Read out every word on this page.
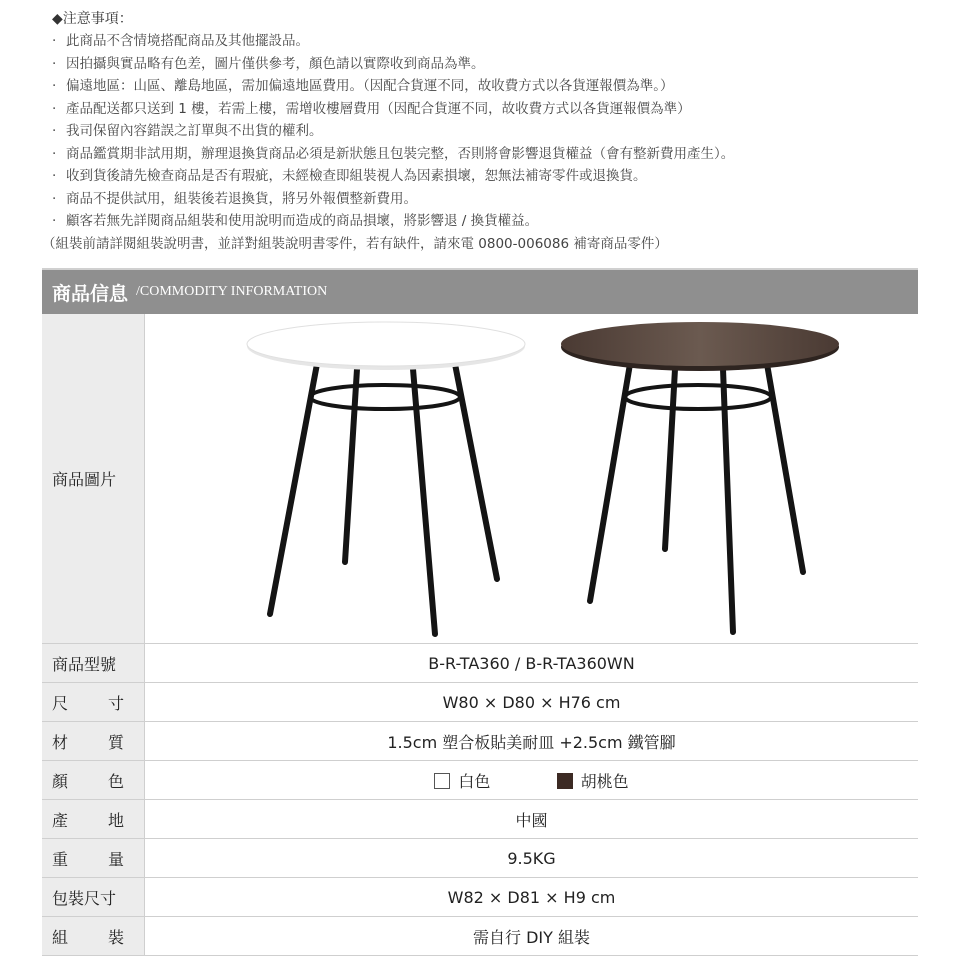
◆注意事項：
· 此商品不含情境搭配商品及其他擺設品。
· 因拍攝與實品略有色差，圖片僅供參考，顏色請以實際收到商品為準。
· 偏遠地區：山區、離島地區，需加偏遠地區費用。（因配合貨運不同，故收費方式以各貨運報價為準。）
· 產品配送都只送到 1 樓，若需上樓，需增收樓層費用（因配合貨運不同，故收費方式以各貨運報價為準）
· 我司保留內容錯誤之訂單與不出貨的權利。
· 商品鑑賞期非試用期，辦理退換貨商品必須是新狀態且包裝完整，否則將會影響退貨權益（會有整新費用產生）。
· 收到貨後請先檢查商品是否有瑕疵，未經檢查即組裝視人為因素損壞，恕無法補寄零件或退換貨。
· 商品不提供試用，組裝後若退換貨，將另外報價整新費用。
· 顧客若無先詳閱商品組裝和使用說明而造成的商品損壞，將影響退 / 換貨權益。
（組裝前請詳閱組裝說明書，並詳對組裝說明書零件，若有缺件，請來電 0800-006086 補寄商品零件）
商品信息 /COMMODITY INFORMATION
商品圖片	
商品型號	B-R-TA360 / B-R-TA360WN

尺 寸	W80 × D80 × H76 cm

材 質	1.5cm 塑合板貼美耐皿 +2.5cm 鐵管腳

顏 色	白色 胡桃色

產 地	中國

重 量	9.5KG
包裝尺寸	W82 × D81 × H9 cm

組 裝	需自行 DIY 組裝
